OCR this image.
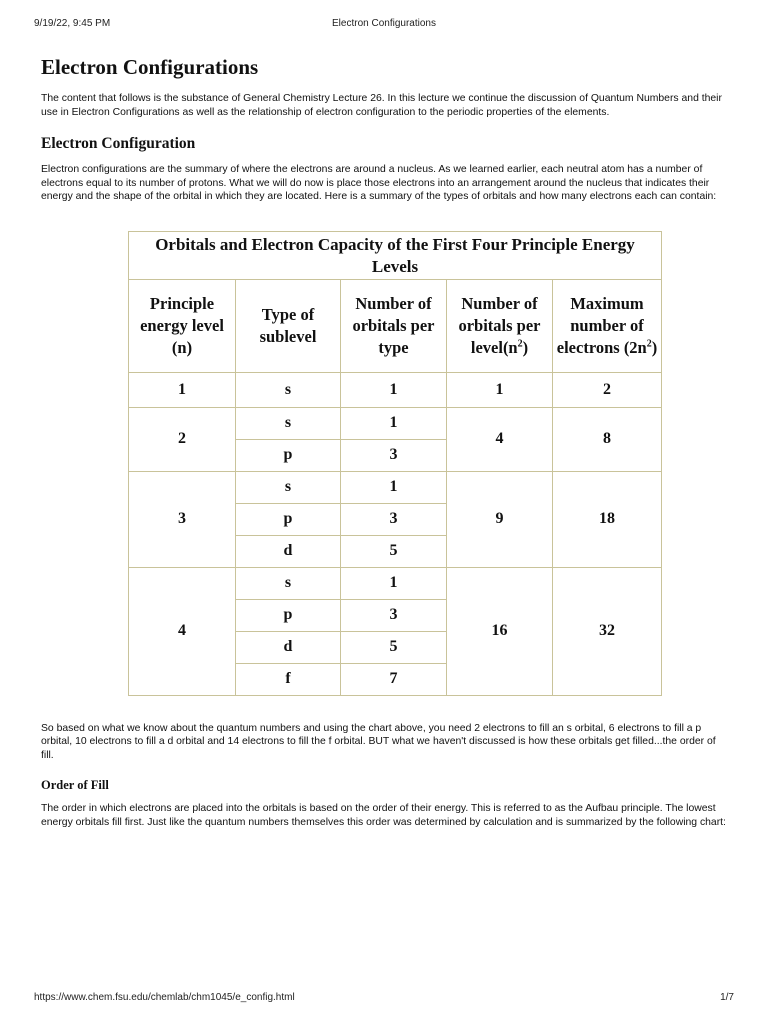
9/19/22, 9:45 PM	Electron Configurations
Electron Configurations

The content that follows is the substance of General Chemistry Lecture 26. In this lecture we continue the discussion of Quantum Numbers and their use in Electron Configurations as well as the relationship of electron configuration to the periodic properties of the elements.

Electron Configuration

Electron configurations are the summary of where the electrons are around a nucleus. As we learned earlier, each neutral atom has a number of electrons equal to its number of protons. What we will do now is place those electrons into an arrangement around the nucleus that indicates their energy and the shape of the orbital in which they are located. Here is a summary of the types of orbitals and how many electrons each can contain:

Orbitals and Electron Capacity of the First Four Principle Energy Levels
Principle energy level (n)	Type of sublevel	Number of orbitals per type	Number of orbitals per $level(n^2)$	Maximum number of electrons $(2n^2)$
1	s	1	1	2
2	s	1	4	8
	p	3		
3	s	1	9	18
	p	3		
	d	5		
4	s	1	16	32
	p	3		
	d	5		
	f	7		

So based on what we know about the quantum numbers and using the chart above, you need 2 electrons to fill an s orbital, 6 electrons to fill a p orbital, 10 electrons to fill a d orbital and 14 electrons to fill the f orbital. BUT what we haven't discussed is how these orbitals get filled...the order of fill.

Order of Fill

The order in which electrons are placed into the orbitals is based on the order of their energy. This is referred to as the Aufbau principle. The lowest energy orbitals fill first. Just like the quantum numbers themselves this order was determined by calculation and is summarized by the following chart:

https://www.chem.fsu.edu/chemlab/chm1045/e_config.html	1/7
